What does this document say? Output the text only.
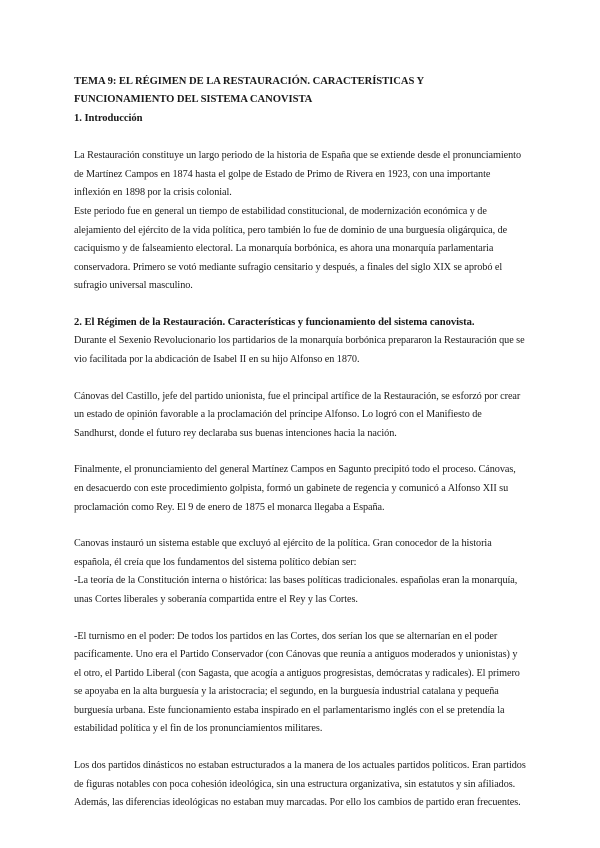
TEMA 9: EL RÉGIMEN DE LA RESTAURACIÓN. CARACTERÍSTICAS Y FUNCIONAMIENTO DEL SISTEMA CANOVISTA

1. Introducción

La Restauración constituye un largo periodo de la historia de España que se extiende desde el pronunciamiento de Martínez Campos en 1874 hasta el golpe de Estado de Primo de Rivera en 1923, con una importante inflexión en 1898 por la crisis colonial.

Este periodo fue en general un tiempo de estabilidad constitucional, de modernización económica y de alejamiento del ejército de la vida política, pero también lo fue de dominio de una burguesía oligárquica, de caciquismo y de falseamiento electoral. La monarquía borbónica, es ahora una monarquía parlamentaria conservadora. Primero se votó mediante sufragio censitario y después, a finales del siglo XIX se aprobó el sufragio universal masculino.

2. El Régimen de la Restauración. Características y funcionamiento del sistema canovista.

Durante el Sexenio Revolucionario los partidarios de la monarquía borbónica prepararon la Restauración que se vio facilitada por la abdicación de Isabel II en su hijo Alfonso en 1870.

Cánovas del Castillo, jefe del partido unionista, fue el principal artífice de la Restauración, se esforzó por crear un estado de opinión favorable a la proclamación del príncipe Alfonso. Lo logró con el Manifiesto de Sandhurst, donde el futuro rey declaraba sus buenas intenciones hacia la nación.

Finalmente, el pronunciamiento del general Martínez Campos en Sagunto precipitó todo el proceso. Cánovas, en desacuerdo con este procedimiento golpista, formó un gabinete de regencia y comunicó a Alfonso XII su proclamación como Rey. El 9 de enero de 1875 el monarca llegaba a España.

Canovas instauró un sistema estable que excluyó al ejército de la política. Gran conocedor de la historia española, él creía que los fundamentos del sistema político debían ser:

-La teoría de la Constitución interna o histórica: las bases políticas tradicionales. españolas eran la monarquía, unas Cortes liberales y soberanía compartida entre el Rey y las Cortes.

-El turnismo en el poder: De todos los partidos en las Cortes, dos serían los que se alternarían en el poder pacíficamente. Uno era el Partido Conservador (con Cánovas que reunía a antiguos moderados y unionistas) y el otro, el Partido Liberal (con Sagasta, que acogía a antiguos progresistas, demócratas y radicales). El primero se apoyaba en la alta burguesía y la aristocracia; el segundo, en la burguesía industrial catalana y pequeña burguesía urbana. Este funcionamiento estaba inspirado en el parlamentarismo inglés con el se pretendía la estabilidad política y el fin de los pronunciamientos militares.

Los dos partidos dinásticos no estaban estructurados a la manera de los actuales partidos políticos. Eran partidos de figuras notables con poca cohesión ideológica, sin una estructura organizativa, sin estatutos y sin afiliados. Además, las diferencias ideológicas no estaban muy marcadas. Por ello los cambios de partido eran frecuentes.
